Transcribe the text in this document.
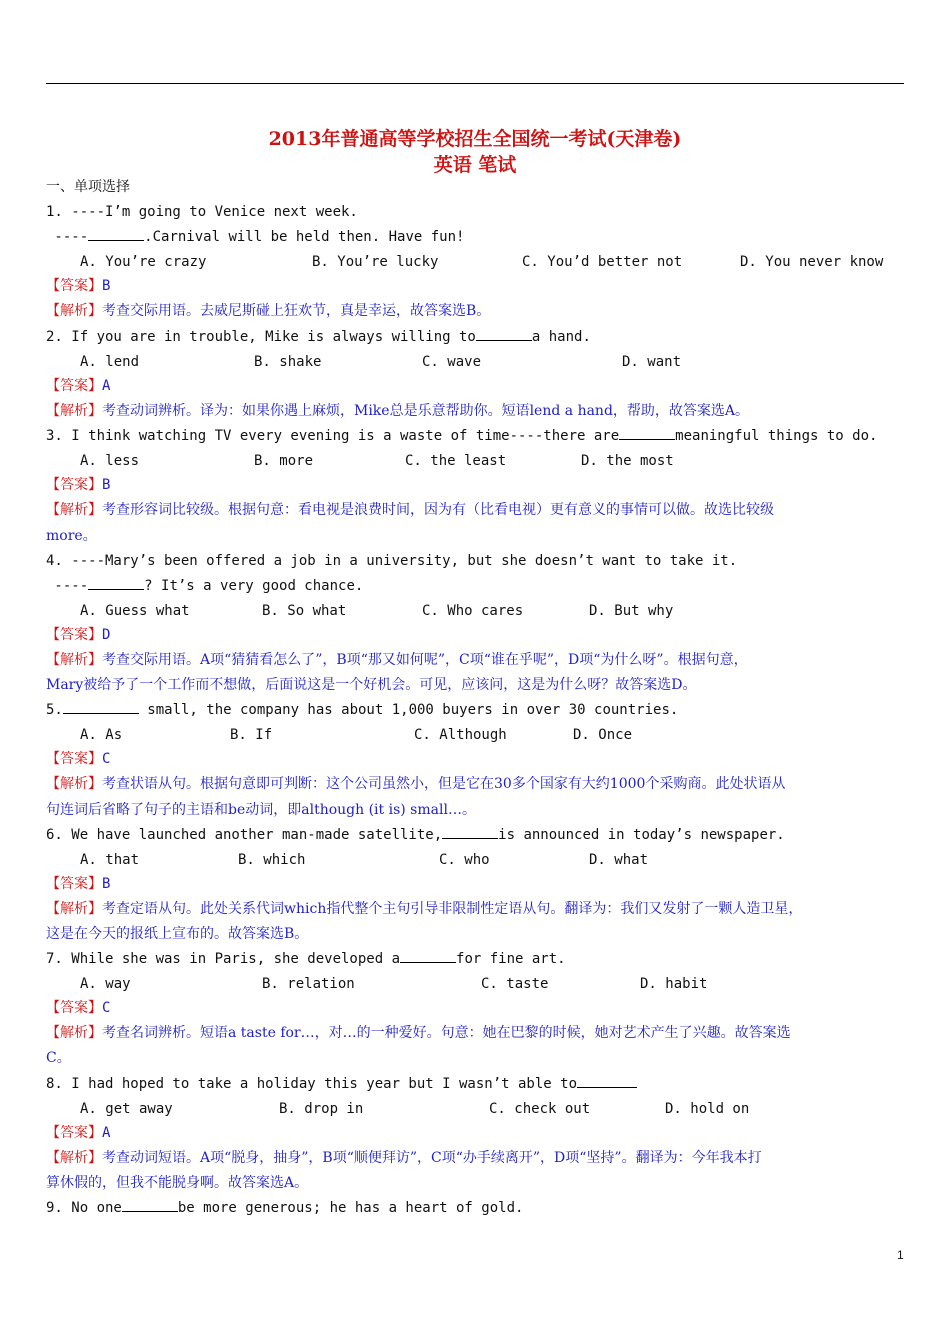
2013年普通高等学校招生全国统一考试(天津卷)
英语 笔试
一、单项选择
1. ----I’m going to Venice next week.
----	.Carnival will be held then. Have fun!
A. You’re crazy	B. You’re lucky	C. You’d better not	D. You never know
【答案】B
【解析】考查交际用语。去威尼斯碰上狂欢节，真是幸运，故答案选B。
2. If you are in trouble, Mike is always willing to	a hand.
A. lend	B. shake	C. wave	D. want
【答案】A
【解析】考查动词辨析。译为：如果你遇上麻烦，Mike总是乐意帮助你。短语lend a hand，帮助，故答案选A。
3. I think watching TV every evening is a waste of time----there are	meaningful things to do.
A. less	B. more	C. the least	D. the most
【答案】B
【解析】考查形容词比较级。根据句意：看电视是浪费时间，因为有（比看电视）更有意义的事情可以做。故选比较级
more。
4. ----Mary’s been offered a job in a university, but she doesn’t want to take it.
----	? It’s a very good chance.
A. Guess what	B. So what	C. Who cares	D. But why
【答案】D
【解析】考查交际用语。A项“猜猜看怎么了”，B项“那又如何呢”，C项“谁在乎呢”，D项“为什么呀”。根据句意，
Mary被给予了一个工作而不想做，后面说这是一个好机会。可见，应该问，这是为什么呀？故答案选D。
5.	small, the company has about 1,000 buyers in over 30 countries.
A. As	B. If	C. Although	D. Once
【答案】C
【解析】考查状语从句。根据句意即可判断：这个公司虽然小，但是它在30多个国家有大约1000个采购商。此处状语从
句连词后省略了句子的主语和be动词，即although (it is) small…。
6. We have launched another man-made satellite,	is announced in today’s newspaper.
A. that	B. which	C. who	D. what
【答案】B
【解析】考查定语从句。此处关系代词which指代整个主句引导非限制性定语从句。翻译为：我们又发射了一颗人造卫星，
这是在今天的报纸上宣布的。故答案选B。
7. While she was in Paris, she developed a	for fine art.
A. way	B. relation	C. taste	D. habit
【答案】C
【解析】考查名词辨析。短语a taste for…，对…的一种爱好。句意：她在巴黎的时候，她对艺术产生了兴趣。故答案选
C。
8. I had hoped to take a holiday this year but I wasn’t able to
A. get away	B. drop in	C. check out	D. hold on
【答案】A
【解析】考查动词短语。A项“脱身，抽身”，B项“顺便拜访”，C项“办手续离开”，D项“坚持”。翻译为：今年我本打
算休假的，但我不能脱身啊。故答案选A。
9. No one	be more generous; he has a heart of gold.
1
